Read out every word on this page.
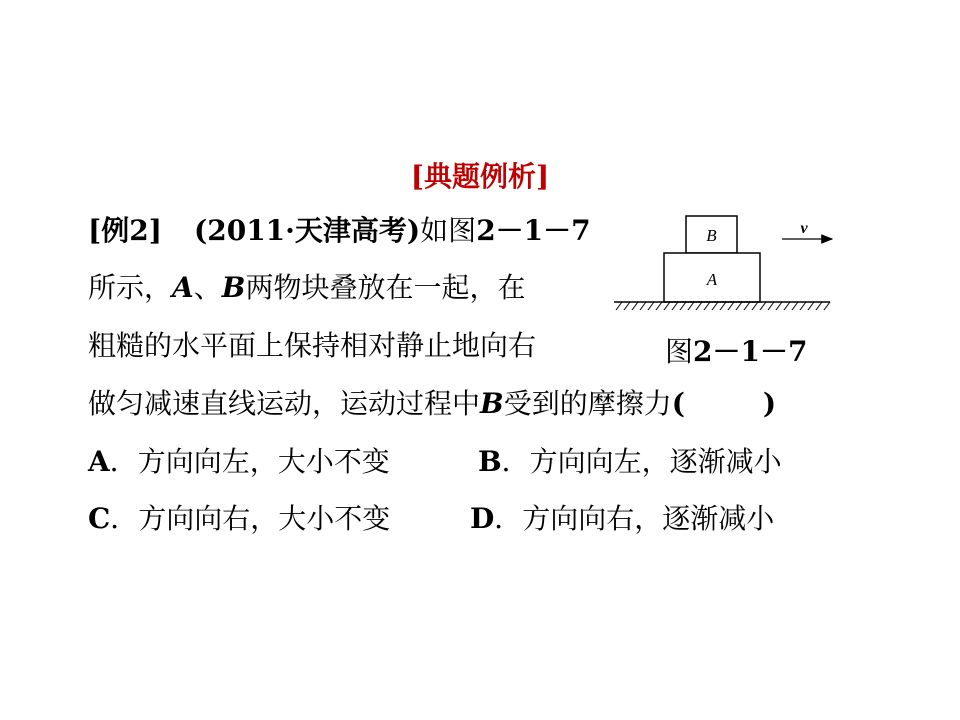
[典题例析]
[例2] (2011·天津高考)如图2－1－7
所示，A、B两物块叠放在一起，在
粗糙的水平面上保持相对静止地向右
做匀减速直线运动，运动过程中B受到的摩擦力(        )
A．方向向左，大小不变	B．方向向左，逐渐减小
C．方向向右，大小不变	D．方向向右，逐渐减小
B
A
v
图2－1－7
